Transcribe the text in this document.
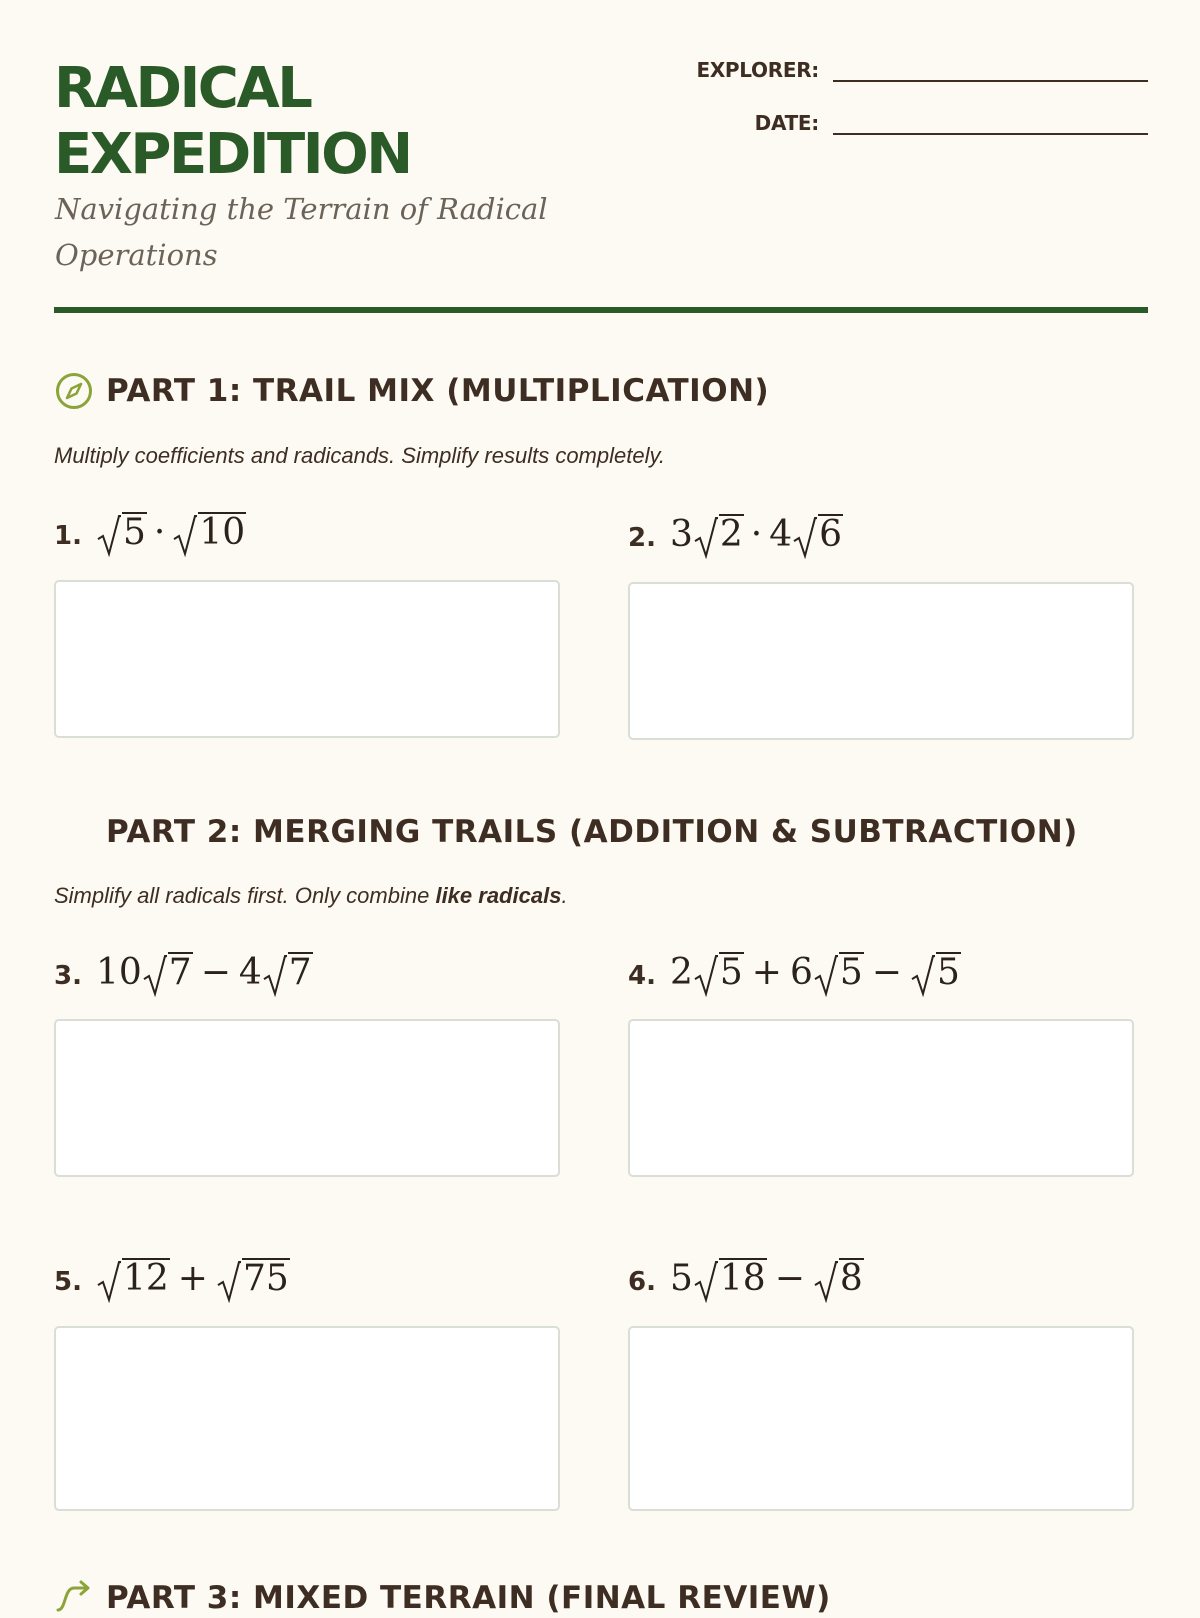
RADICAL
EXPEDITION

Navigating the Terrain of Radical Operations

EXPLORER:
DATE:
PART 1: TRAIL MIX (MULTIPLICATION)

Multiply coefficients and radicands. Simplify results completely.

1.	5 · 10	2. 3 2 · 4 6
PART 2: MERGING TRAILS (ADDITION & SUBTRACTION)

Simplify all radicals first. Only combine like radicals.

3. 10 7 − 4 7	4. 2 5 + 6 5 − 5
5.	12 + 75	6. 5 18 − 8
PART 3: MIXED TERRAIN (FINAL REVIEW)
